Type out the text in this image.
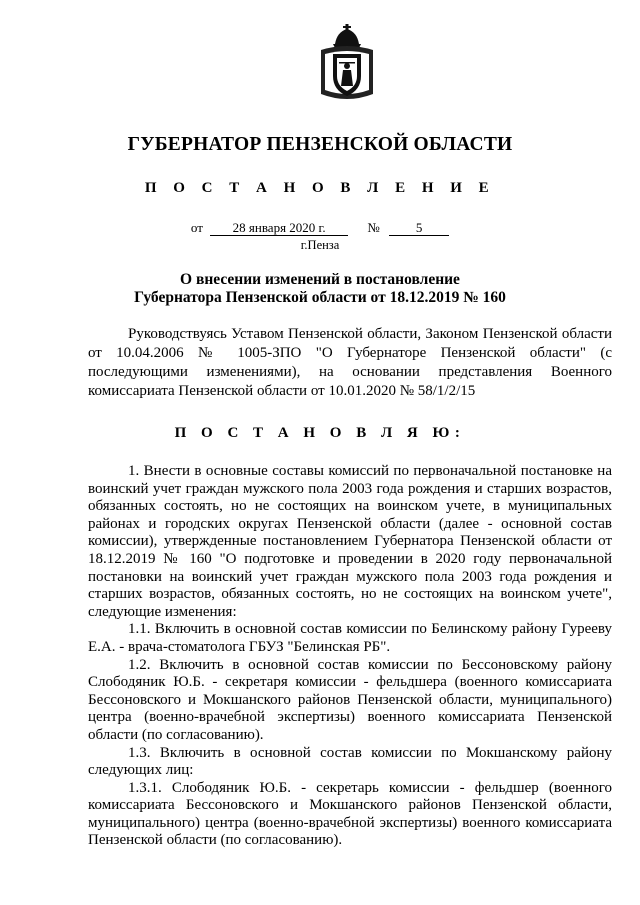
ГУБЕРНАТОР ПЕНЗЕНСКОЙ ОБЛАСТИ
П О С Т А Н О В Л Е Н И Е
от 28 января 2020 г.	№	5
г.Пенза
О внесении изменений в постановление
Губернатора Пензенской области от 18.12.2019 № 160
Руководствуясь Уставом Пензенской области, Законом Пензенской области от 10.04.2006 № 1005-ЗПО "О Губернаторе Пензенской области" (с последующими изменениями), на основании представления Военного комиссариата Пензенской области от 10.01.2020 № 58/1/2/15
П О С Т А Н О В Л Я Ю:

1. Внести в основные составы комиссий по первоначальной постановке на воинский учет граждан мужского пола 2003 года рождения и старших возрастов, обязанных состоять, но не состоящих на воинском учете, в муниципальных районах и городских округах Пензенской области (далее - основной состав комиссии), утвержденные постановлением Губернатора Пензенской области от 18.12.2019 № 160 "О подготовке и проведении в 2020 году первоначальной постановки на воинский учет граждан мужского пола 2003 года рождения и старших возрастов, обязанных состоять, но не состоящих на воинском учете", следующие изменения:

1.1. Включить в основной состав комиссии по Белинскому району Гурееву Е.А. - врача-стоматолога ГБУЗ "Белинская РБ".

1.2. Включить в основной состав комиссии по Бессоновскому району Слободяник Ю.Б. - секретаря комиссии - фельдшера (военного комиссариата Бессоновского и Мокшанского районов Пензенской области, муниципального) центра (военно-врачебной экспертизы) военного комиссариата Пензенской области (по согласованию).

1.3. Включить в основной состав комиссии по Мокшанскому району следующих лиц:

1.3.1. Слободяник Ю.Б. - секретарь комиссии - фельдшер (военного комиссариата Бессоновского и Мокшанского районов Пензенской области, муниципального) центра (военно-врачебной экспертизы) военного комиссариата Пензенской области (по согласованию).
